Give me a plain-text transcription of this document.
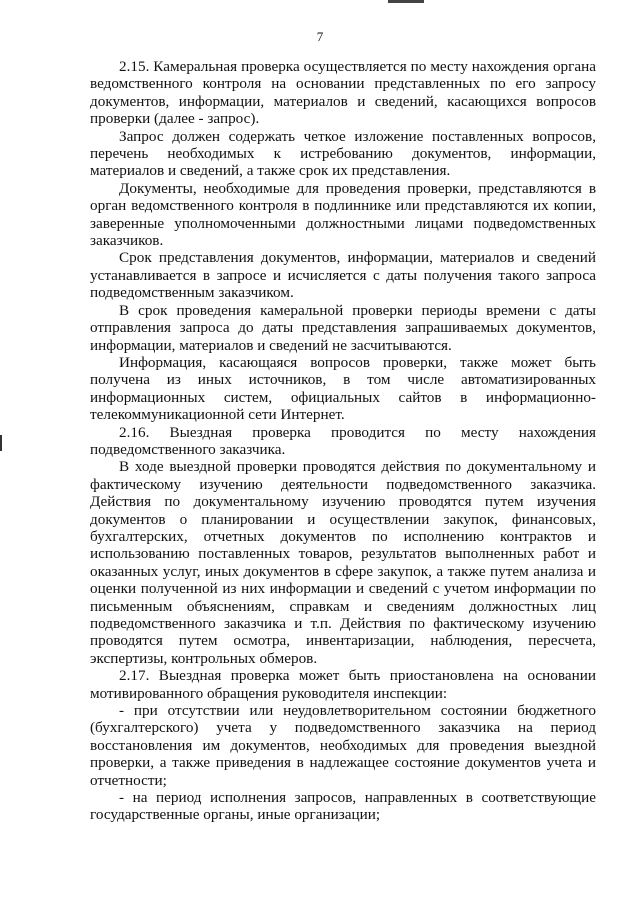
7

2.15. Камеральная проверка осуществляется по месту нахождения органа ведомственного контроля на основании представленных по его запросу документов, информации, материалов и сведений, касающихся вопросов проверки (далее - запрос).

Запрос должен содержать четкое изложение поставленных вопросов, перечень необходимых к истребованию документов, информации, материалов и сведений, а также срок их представления.

Документы, необходимые для проведения проверки, представляются в орган ведомственного контроля в подлиннике или представляются их копии, заверенные уполномоченными должностными лицами подведомственных заказчиков.

Срок представления документов, информации, материалов и сведений устанавливается в запросе и исчисляется с даты получения такого запроса подведомственным заказчиком.

В срок проведения камеральной проверки периоды времени с даты отправления запроса до даты представления запрашиваемых документов, информации, материалов и сведений не засчитываются.

Информация, касающаяся вопросов проверки, также может быть получена из иных источников, в том числе автоматизированных информационных систем, официальных сайтов в информационно-телекоммуникационной сети Интернет.

2.16. Выездная проверка проводится по месту нахождения подведомственного заказчика.

В ходе выездной проверки проводятся действия по документальному и фактическому изучению деятельности подведомственного заказчика. Действия по документальному изучению проводятся путем изучения документов о планировании и осуществлении закупок, финансовых, бухгалтерских, отчетных документов по исполнению контрактов и использованию поставленных товаров, результатов выполненных работ и оказанных услуг, иных документов в сфере закупок, а также путем анализа и оценки полученной из них информации и сведений с учетом информации по письменным объяснениям, справкам и сведениям должностных лиц подведомственного заказчика и т.п. Действия по фактическому изучению проводятся путем осмотра, инвентаризации, наблюдения, пересчета, экспертизы, контрольных обмеров.

2.17. Выездная проверка может быть приостановлена на основании мотивированного обращения руководителя инспекции:

- при отсутствии или неудовлетворительном состоянии бюджетного (бухгалтерского) учета у подведомственного заказчика на период восстановления им документов, необходимых для проведения выездной проверки, а также приведения в надлежащее состояние документов учета и отчетности;

- на период исполнения запросов, направленных в соответствующие государственные органы, иные организации;
